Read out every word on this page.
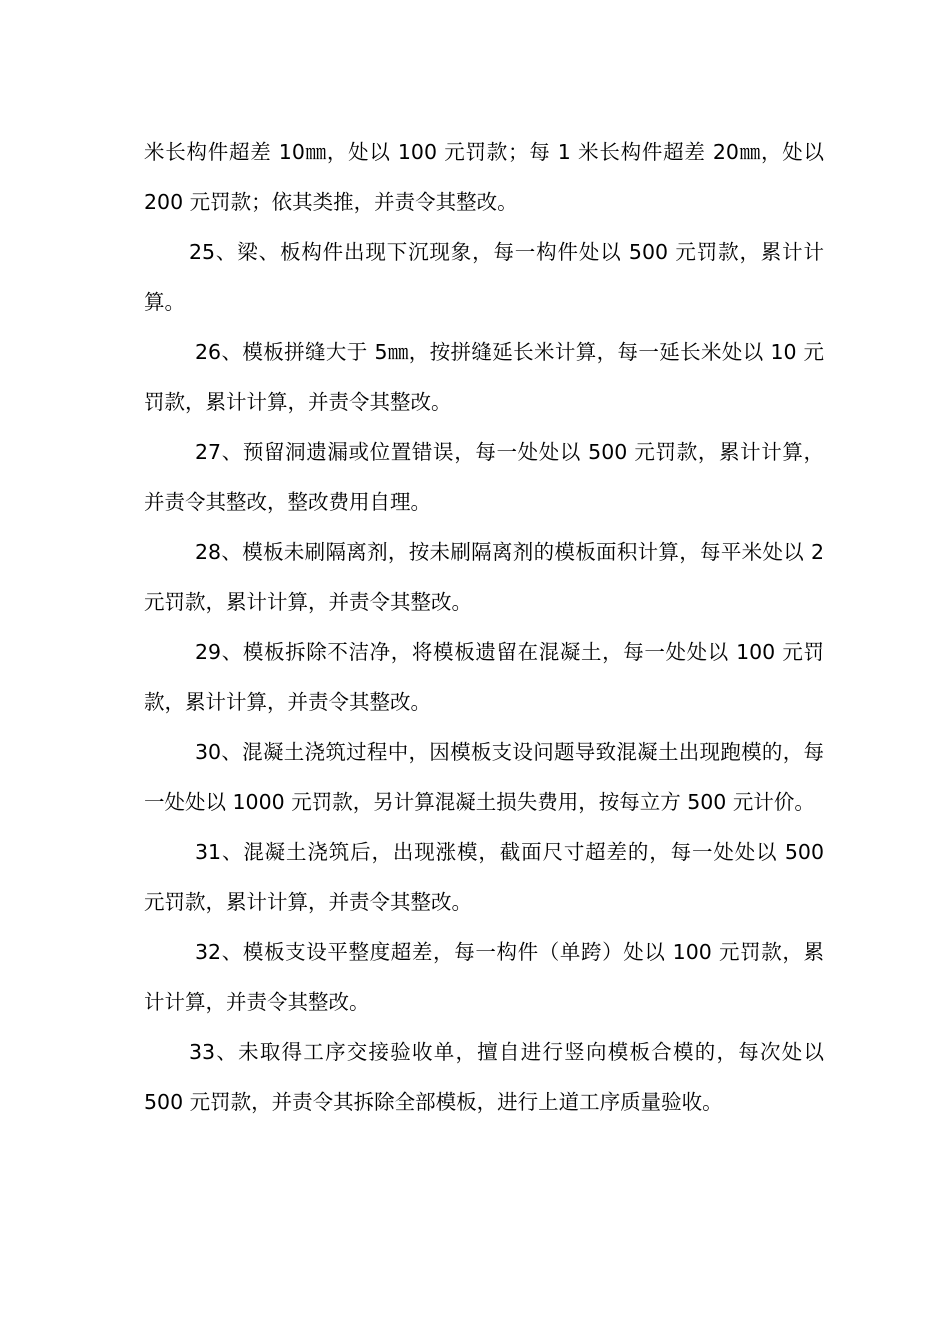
米长构件超差 10㎜，处以 100 元罚款；每 1 米长构件超差 20㎜，处以 200 元罚款；依其类推，并责令其整改。

25、梁、板构件出现下沉现象，每一构件处以 500 元罚款，累计计算。

26、模板拼缝大于 5㎜，按拼缝延长米计算，每一延长米处以 10 元罚款，累计计算，并责令其整改。

27、预留洞遗漏或位置错误，每一处处以 500 元罚款，累计计算，并责令其整改，整改费用自理。

28、模板未刷隔离剂，按未刷隔离剂的模板面积计算，每平米处以 2 元罚款，累计计算，并责令其整改。

29、模板拆除不洁净，将模板遗留在混凝土，每一处处以 100 元罚款，累计计算，并责令其整改。

30、混凝土浇筑过程中，因模板支设问题导致混凝土出现跑模的，每一处处以 1000 元罚款，另计算混凝土损失费用，按每立方 500 元计价。

31、混凝土浇筑后，出现涨模，截面尺寸超差的，每一处处以 500 元罚款，累计计算，并责令其整改。

32、模板支设平整度超差，每一构件（单跨）处以 100 元罚款，累计计算，并责令其整改。

33、未取得工序交接验收单，擅自进行竖向模板合模的，每次处以 500 元罚款，并责令其拆除全部模板，进行上道工序质量验收。
